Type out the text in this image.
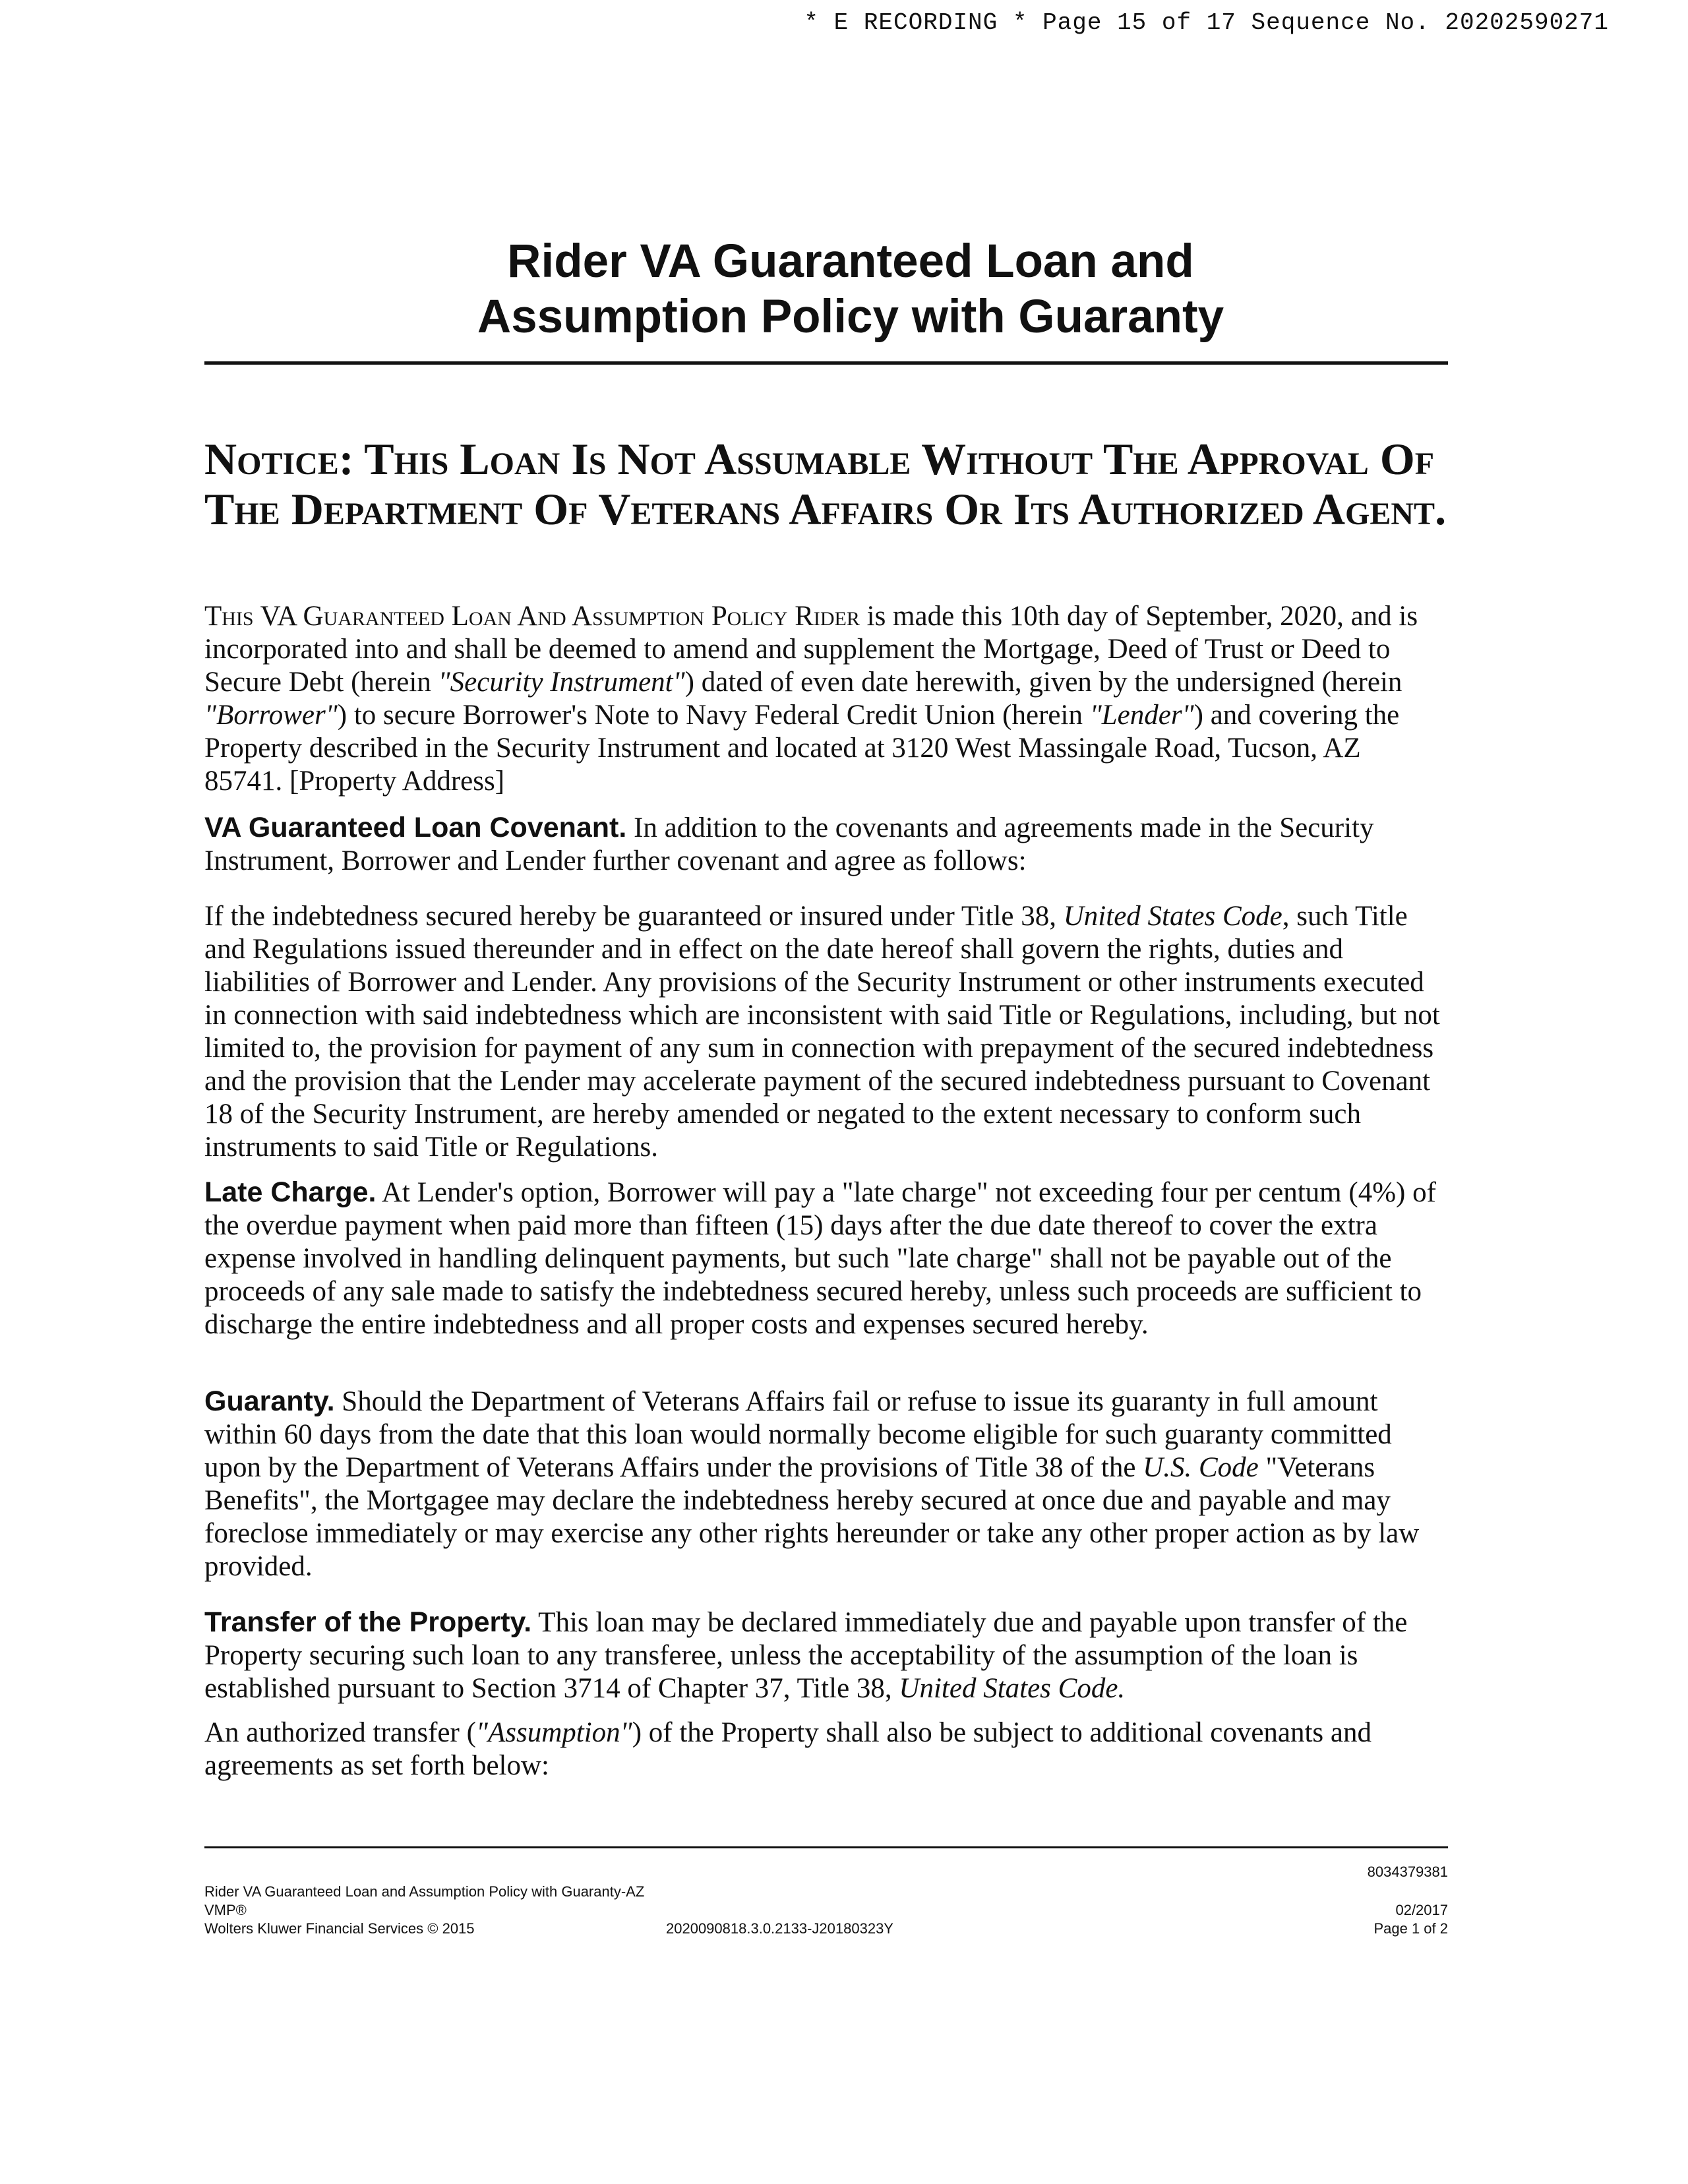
* E RECORDING * Page 15 of 17 Sequence No. 20202590271
Rider VA Guaranteed Loan and
Assumption Policy with Guaranty
Notice: This Loan Is Not Assumable Without The Approval Of The Department Of Veterans Affairs Or Its Authorized Agent.
This VA Guaranteed Loan And Assumption Policy Rider is made this 10th day of September, 2020, and is incorporated into and shall be deemed to amend and supplement the Mortgage, Deed of Trust or Deed to Secure Debt (herein "Security Instrument") dated of even date herewith, given by the undersigned (herein "Borrower") to secure Borrower's Note to Navy Federal Credit Union (herein "Lender") and covering the Property described in the Security Instrument and located at 3120 West Massingale Road, Tucson, AZ 85741. [Property Address]
VA Guaranteed Loan Covenant. In addition to the covenants and agreements made in the Security Instrument, Borrower and Lender further covenant and agree as follows:
If the indebtedness secured hereby be guaranteed or insured under Title 38, United States Code, such Title and Regulations issued thereunder and in effect on the date hereof shall govern the rights, duties and liabilities of Borrower and Lender. Any provisions of the Security Instrument or other instruments executed in connection with said indebtedness which are inconsistent with said Title or Regulations, including, but not limited to, the provision for payment of any sum in connection with prepayment of the secured indebtedness and the provision that the Lender may accelerate payment of the secured indebtedness pursuant to Covenant 18 of the Security Instrument, are hereby amended or negated to the extent necessary to conform such instruments to said Title or Regulations.
Late Charge. At Lender's option, Borrower will pay a "late charge" not exceeding four per centum (4%) of the overdue payment when paid more than fifteen (15) days after the due date thereof to cover the extra expense involved in handling delinquent payments, but such "late charge" shall not be payable out of the proceeds of any sale made to satisfy the indebtedness secured hereby, unless such proceeds are sufficient to discharge the entire indebtedness and all proper costs and expenses secured hereby.
Guaranty. Should the Department of Veterans Affairs fail or refuse to issue its guaranty in full amount within 60 days from the date that this loan would normally become eligible for such guaranty committed upon by the Department of Veterans Affairs under the provisions of Title 38 of the U.S. Code "Veterans Benefits", the Mortgagee may declare the indebtedness hereby secured at once due and payable and may foreclose immediately or may exercise any other rights hereunder or take any other proper action as by law provided.
Transfer of the Property. This loan may be declared immediately due and payable upon transfer of the Property securing such loan to any transferee, unless the acceptability of the assumption of the loan is established pursuant to Section 3714 of Chapter 37, Title 38, United States Code.
An authorized transfer ("Assumption") of the Property shall also be subject to additional covenants and agreements as set forth below:
Rider VA Guaranteed Loan and Assumption Policy with Guaranty-AZ
VMP®
Wolters Kluwer Financial Services © 2015	2020090818.3.0.2133-J20180323Y
8034379381
02/2017
Page 1 of 2
